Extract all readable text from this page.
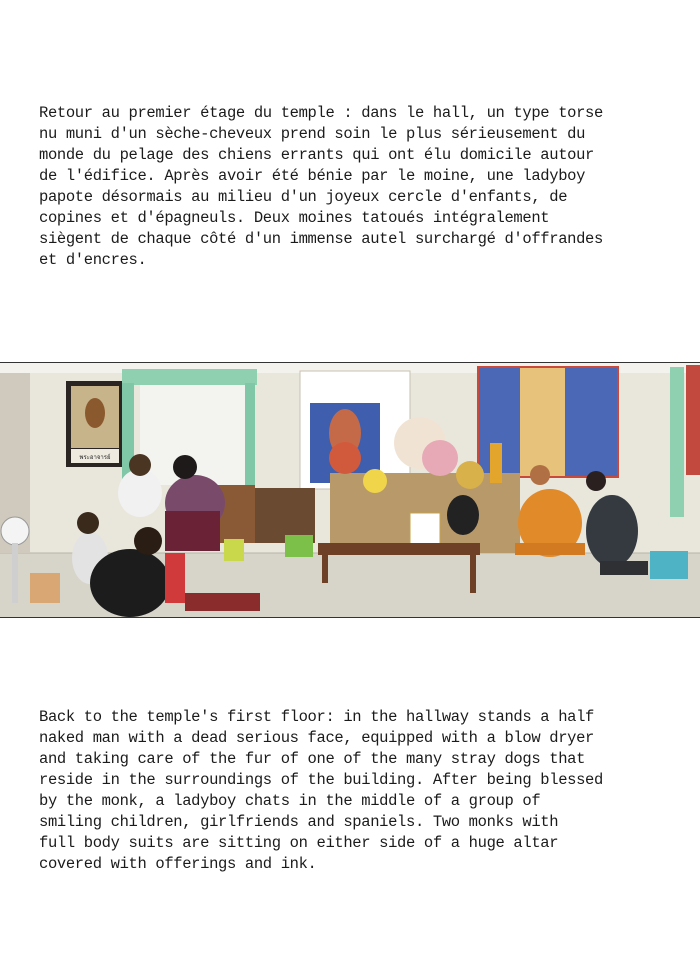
Retour au premier étage du temple : dans le hall, un type torse
nu muni d'un sèche-cheveux prend soin le plus sérieusement du
monde du pelage des chiens errants qui ont élu domicile autour
de l'édifice. Après avoir été bénie par le moine, une ladyboy
papote désormais au milieu d'un joyeux cercle d'enfants, de
copines et d'épagneuls. Deux moines tatoués intégralement
siègent de chaque côté d'un immense autel surchargé d'offrandes
et d'encres.
พระอาจารย์
Back to the temple's first floor: in the hallway stands a half
naked man with a dead serious face, equipped with a blow dryer
and taking care of the fur of one of the many stray dogs that
reside in the surroundings of the building. After being blessed
by the monk, a ladyboy chats in the middle of a group of
smiling children, girlfriends and spaniels. Two monks with
full body suits are sitting on either side of a huge altar
covered with offerings and ink.
